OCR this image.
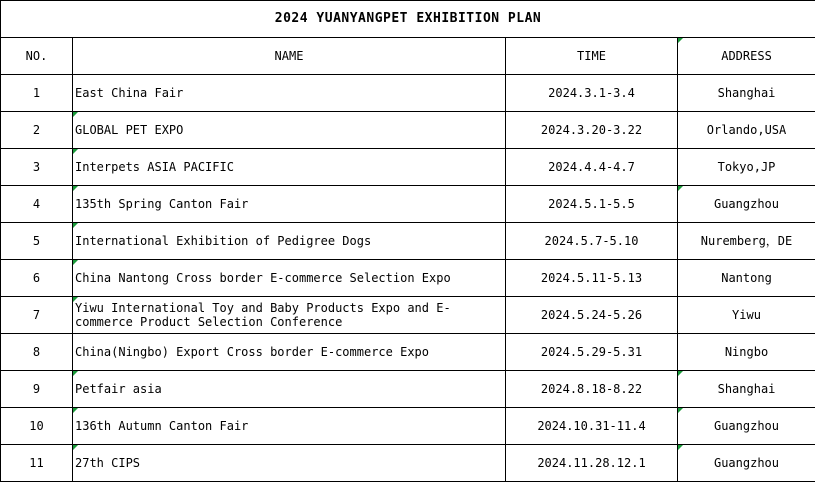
2024 YUANYANGPET EXHIBITION PLAN			
NO.	NAME	TIME	ADDRESS
1	East China Fair	2024.3.1-3.4	Shanghai
2	GLOBAL PET EXPO	2024.3.20-3.22	Orlando,USA
3	Interpets ASIA PACIFIC	2024.4.4-4.7	Tokyo,JP
4	135th Spring Canton Fair	2024.5.1-5.5	Guangzhou
5	International Exhibition of Pedigree Dogs	2024.5.7-5.10	Nuremberg，DE
6	China Nantong Cross border E-commerce Selection Expo	2024.5.11-5.13	Nantong
7	Yiwu International Toy and Baby Products Expo and E-commerce Product Selection Conference	2024.5.24-5.26	Yiwu
8	China(Ningbo) Export Cross border E-commerce Expo	2024.5.29-5.31	Ningbo
9	Petfair asia	2024.8.18-8.22	Shanghai
10	136th Autumn Canton Fair	2024.10.31-11.4	Guangzhou
11	27th CIPS	2024.11.28.12.1	Guangzhou
